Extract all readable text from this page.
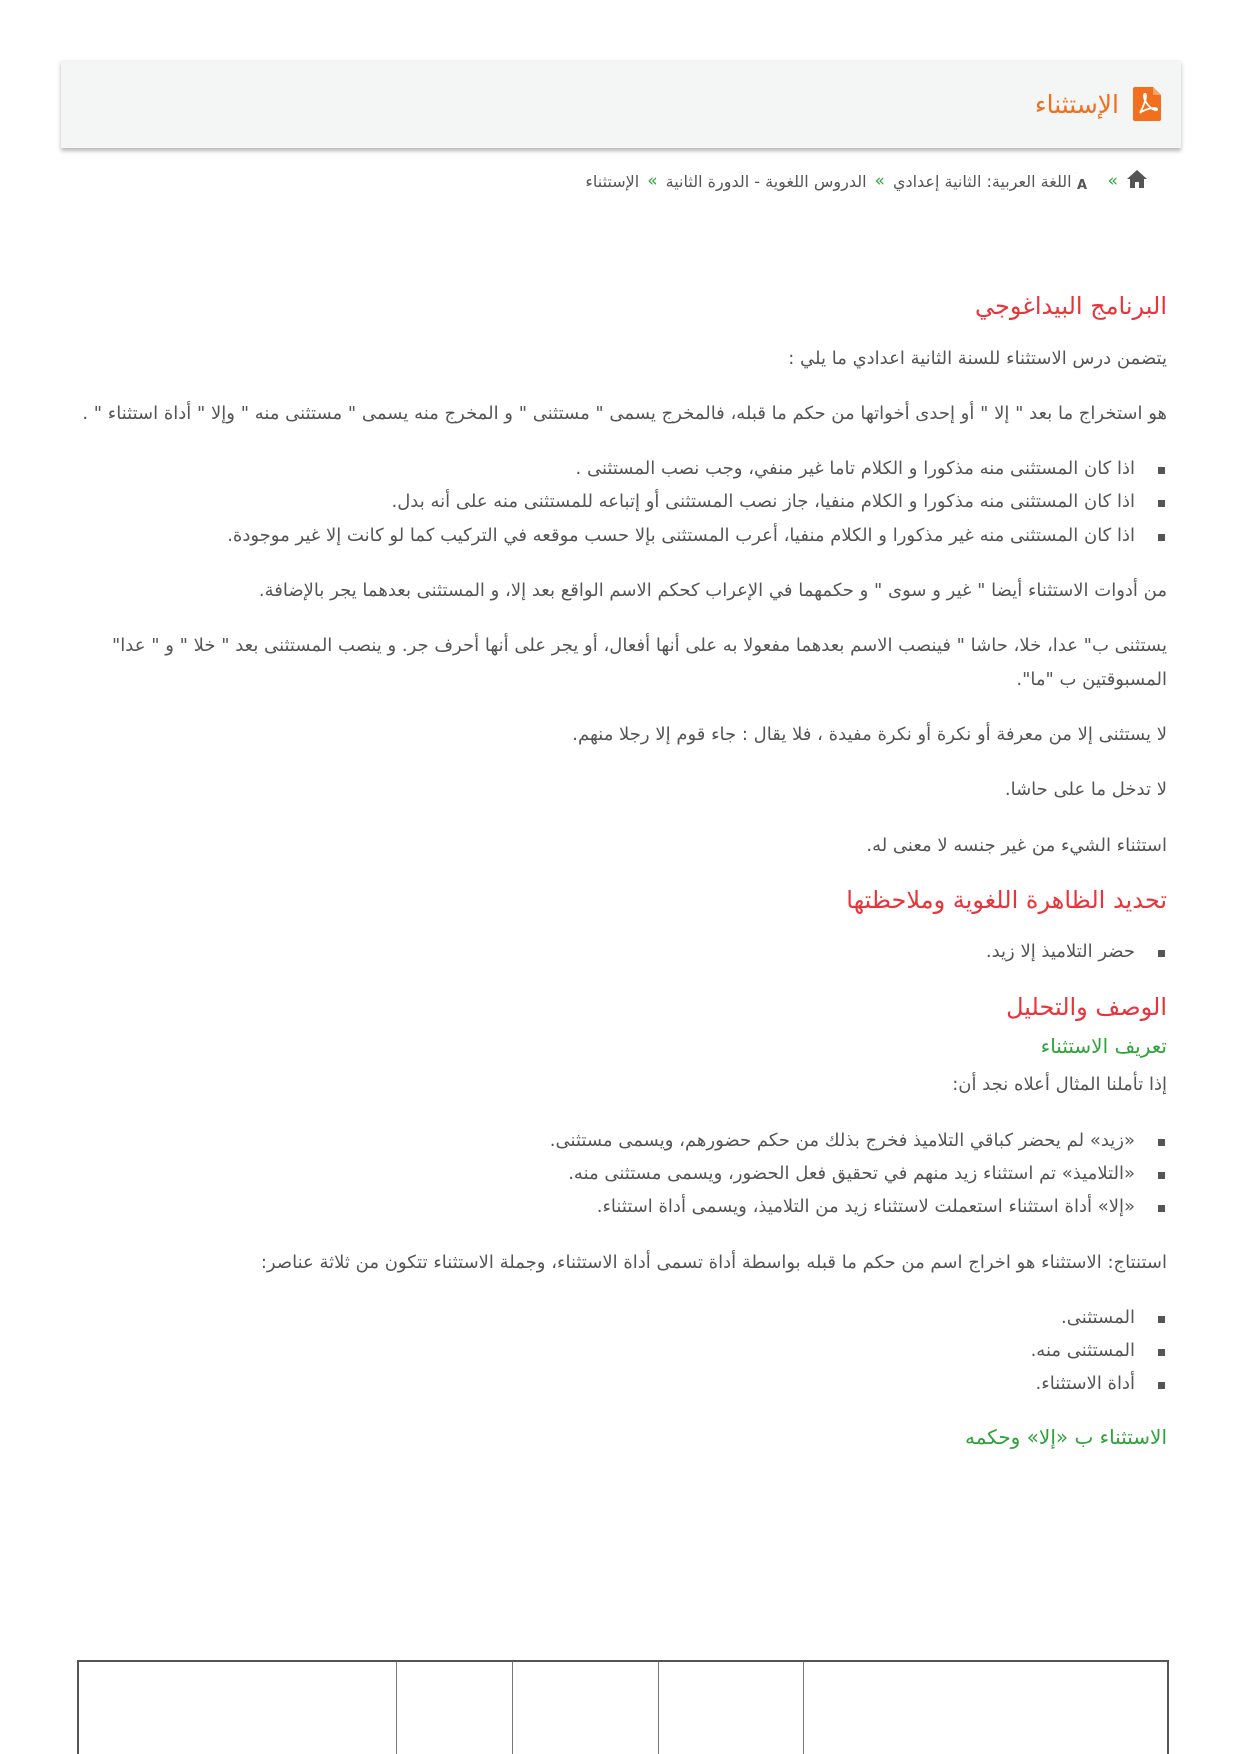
الإستثناء
»
A
اللغة العربية: الثانية إعدادي
»
الدروس اللغوية - الدورة الثانية
»
الإستثناء
البرنامج البيداغوجي

يتضمن درس الاستثناء للسنة الثانية اعدادي ما يلي :

هو استخراج ما بعد " إلا " أو إحدى أخواتها من حكم ما قبله، فالمخرج يسمى " مستثنى " و المخرج منه يسمى " مستثنى منه " وإلا " أداة استثناء " .

اذا كان المستثنى منه مذكورا و الكلام تاما غير منفي، وجب نصب المستثنى .
اذا كان المستثنى منه مذكورا و الكلام منفيا، جاز نصب المستثنى أو إتباعه للمستثنى منه على أنه بدل.
اذا كان المستثنى منه غير مذكورا و الكلام منفيا، أعرب المستثنى بإلا حسب موقعه في التركيب كما لو كانت إلا غير موجودة.

من أدوات الاستثناء أيضا " غير و سوى " و حكمهما في الإعراب كحكم الاسم الواقع بعد إلا، و المستثنى بعدهما يجر بالإضافة.

يستثنى ب" عدا، خلا، حاشا " فينصب الاسم بعدهما مفعولا به على أنها أفعال، أو يجر على أنها أحرف جر. و ينصب المستثنى بعد " خلا " و " عدا" المسبوقتين ب "ما".

لا يستثنى إلا من معرفة أو نكرة أو نكرة مفيدة ، فلا يقال : جاء قوم إلا رجلا منهم.

لا تدخل ما على حاشا.

استثناء الشيء من غير جنسه لا معنى له.

تحديد الظاهرة اللغوية وملاحظتها
حضر التلاميذ إلا زيد.
الوصف والتحليل
تعريف الاستثناء

إذا تأملنا المثال أعلاه نجد أن:

«زيد» لم يحضر كباقي التلاميذ فخرج بذلك من حكم حضورهم، ويسمى مستثنى.
«التلاميذ» تم استثناء زيد منهم في تحقيق فعل الحضور، ويسمى مستثنى منه.
«إلا» أداة استثناء استعملت لاستثناء زيد من التلاميذ، ويسمى أداة استثناء.

استنتاج: الاستثناء هو اخراج اسم من حكم ما قبله بواسطة أداة تسمى أداة الاستثناء، وجملة الاستثناء تتكون من ثلاثة عناصر:

المستثنى.
المستثنى منه.
أداة الاستثناء.
الاستثناء ب «إلا» وحكمه
